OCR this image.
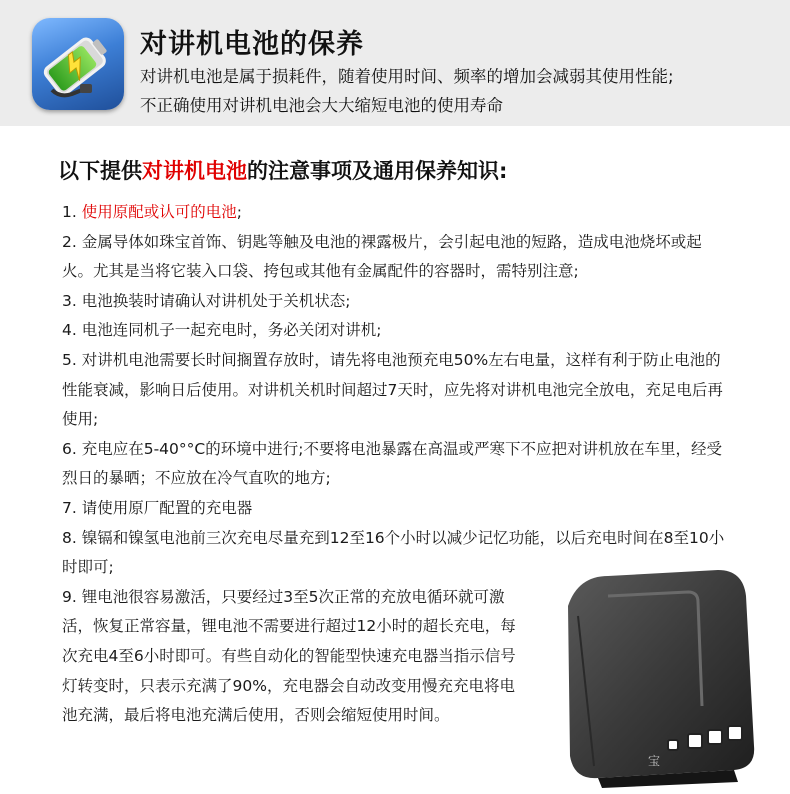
对讲机电池的保养
对讲机电池是属于损耗件，随着使用时间、频率的增加会减弱其使用性能;
不正确使用对讲机电池会大大缩短电池的使用寿命
以下提供对讲机电池的注意事项及通用保养知识:

1. 使用原配或认可的电池;

2. 金属导体如珠宝首饰、钥匙等触及电池的裸露极片，会引起电池的短路，造成电池烧坏或起火。尤其是当将它装入口袋、挎包或其他有金属配件的容器时，需特别注意;

3. 电池换装时请确认对讲机处于关机状态;

4. 电池连同机子一起充电时，务必关闭对讲机;

5. 对讲机电池需要长时间搁置存放时，请先将电池预充电50%左右电量，这样有利于防止电池的性能衰减，影响日后使用。对讲机关机时间超过7天时，应先将对讲机电池完全放电，充足电后再使用;

6. 充电应在5-40°°C的环境中进行;不要将电池暴露在高温或严寒下不应把对讲机放在车里，经受烈日的暴晒；不应放在冷气直吹的地方;

7. 请使用原厂配置的充电器

8. 镍镉和镍氢电池前三次充电尽量充到12至16个小时以减少记忆功能，以后充电时间在8至10小时即可;

9. 锂电池很容易激活，只要经过3至5次正常的充放电循环就可激活，恢复正常容量，锂电池不需要进行超过12小时的超长充电，每次充电4至6小时即可。有些自动化的智能型快速充电器当指示信号灯转变时，只表示充满了90%，充电器会自动改变用慢充充电将电池充满，最后将电池充满后使用，否则会缩短使用时间。

宝
